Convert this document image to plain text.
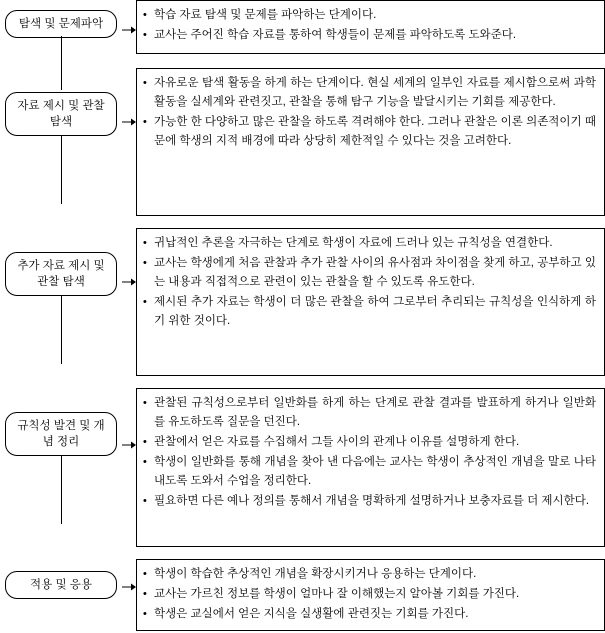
탐색 및 문제파악
• 학습 자료 탐색 및 문제를 파악하는 단계이다.
• 교사는 주어진 학습 자료를 통하여 학생들이 문제를 파악하도록 도와준다.
자료 제시 및 관찰 탐색
• 자유로운 탐색 활동을 하게 하는 단계이다. 현실 세계의 일부인 자료를 제시함으로써 과학 활동을 실세계와 관련짓고, 관찰을 통해 탐구 기능을 발달시키는 기회를 제공한다.
• 가능한 한 다양하고 많은 관찰을 하도록 격려해야 한다. 그러나 관찰은 이론 의존적이기 때문에 학생의 지적 배경에 따라 상당히 제한적일 수 있다는 것을 고려한다.
추가 자료 제시 및 관찰 탐색
• 귀납적인 추론을 자극하는 단계로 학생이 자료에 드러나 있는 규칙성을 연결한다.
• 교사는 학생에게 처음 관찰과 추가 관찰 사이의 유사점과 차이점을 찾게 하고, 공부하고 있는 내용과 직접적으로 관련이 있는 관찰을 할 수 있도록 유도한다.
• 제시된 추가 자료는 학생이 더 많은 관찰을 하여 그로부터 추리되는 규칙성을 인식하게 하기 위한 것이다.
규칙성 발견 및 개념 정리
• 관찰된 규칙성으로부터 일반화를 하게 하는 단계로 관찰 결과를 발표하게 하거나 일반화를 유도하도록 질문을 던진다.
• 관찰에서 얻은 자료를 수집해서 그들 사이의 관계나 이유를 설명하게 한다.
• 학생이 일반화를 통해 개념을 찾아 낸 다음에는 교사는 학생이 추상적인 개념을 말로 나타내도록 도와서 수업을 정리한다.
• 필요하면 다른 예나 정의를 통해서 개념을 명확하게 설명하거나 보충자료를 더 제시한다.
적용 및 응용
• 학생이 학습한 추상적인 개념을 확장시키거나 응용하는 단계이다.
• 교사는 가르친 정보를 학생이 얼마나 잘 이해했는지 알아볼 기회를 가진다.
• 학생은 교실에서 얻은 지식을 실생활에 관련짓는 기회를 가진다.
